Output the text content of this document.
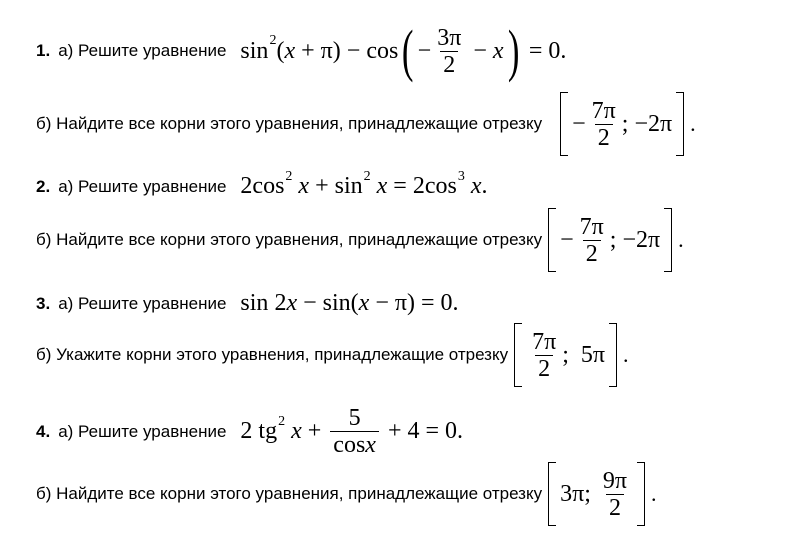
1. а) Решите уравнение sin 2 ( x + π ) − cos ( − $\frac{3\pi}{2} - x$ ) = 0.
б) Найдите все корни этого уравнения, принадлежащие отрезку − $\frac{7\pi}{2}$ ;
−2π .
2. а) Решите уравнение 2 cos 2
x + sin 2
x = 2 cos 3
x .
б) Найдите все корни этого уравнения, принадлежащие отрезку − $\frac{7\pi}{2}$ ;
−2π .
3. а) Решите уравнение sin
2 x − sin ( x − π ) = 0.
б) Укажите корни этого уравнения, принадлежащие отрезку $\frac{7\pi}{2}$ ;
5π .
4. а) Решите уравнение 2
tg 2
$x + \frac{5}{\cos x} + 4 = 0$.
б) Найдите все корни этого уравнения, принадлежащие отрезку 3π;
$\frac{9\pi}{2}$ .
